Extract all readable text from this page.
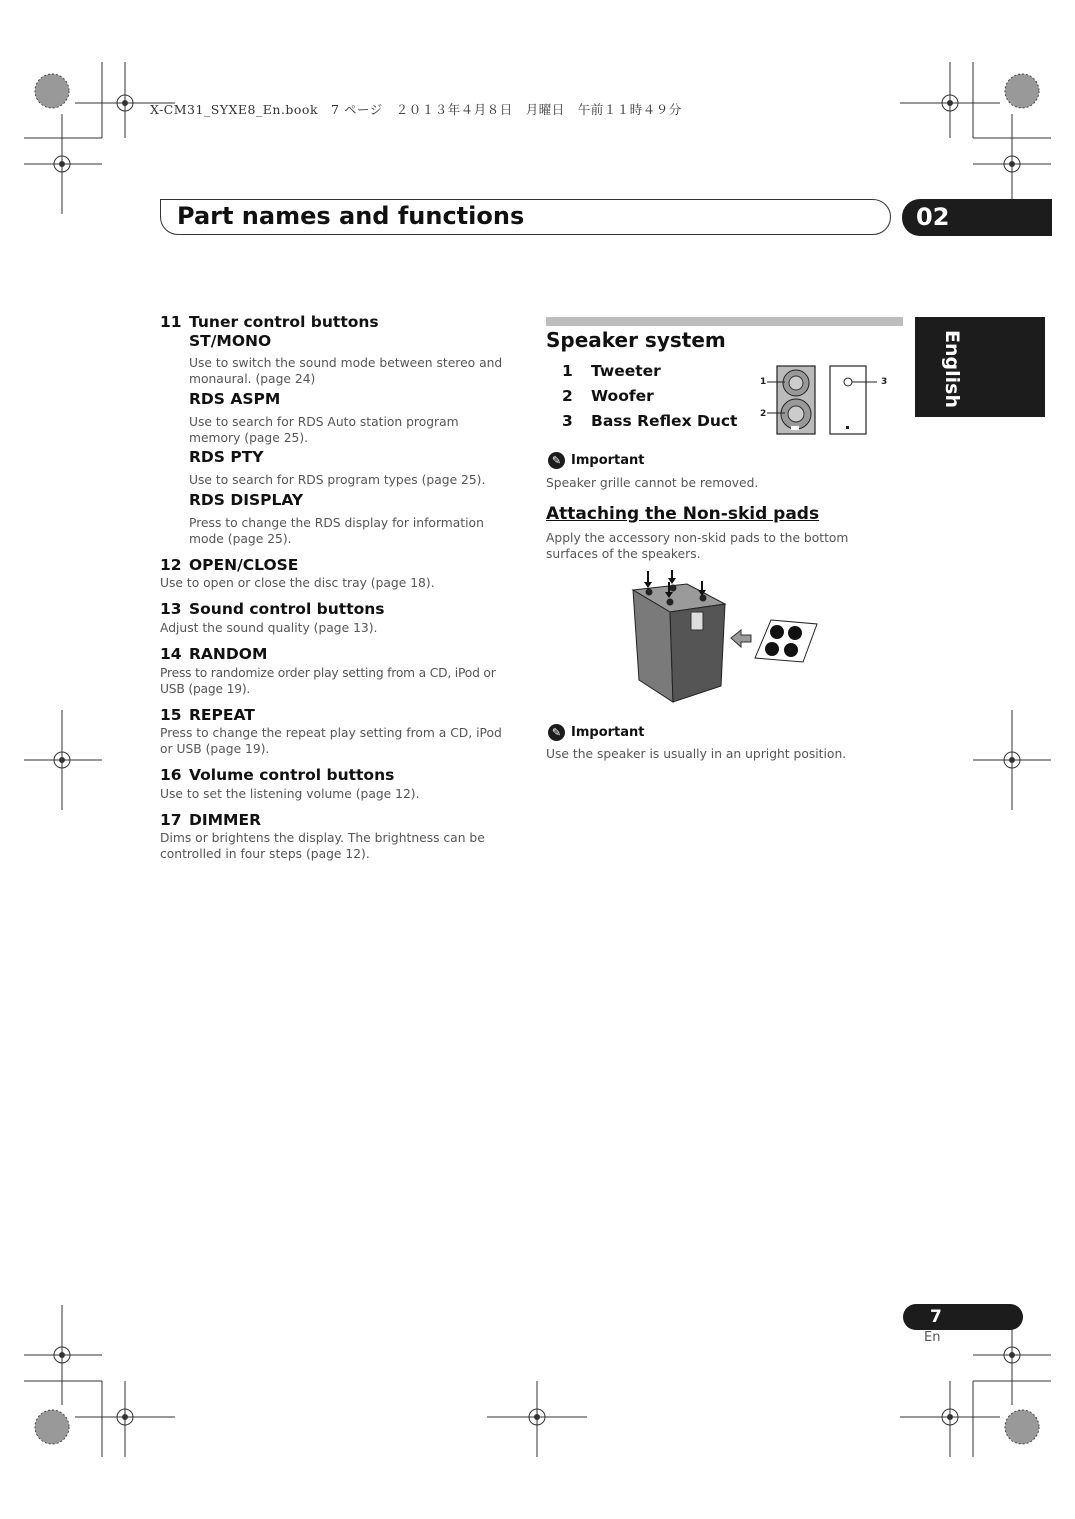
X-CM31_SYXE8_En.book　7 ページ　２０１３年４月８日　月曜日　午前１１時４９分
Part names and functions	02
English
11 Tuner control buttons
ST/MONO
Use to switch the sound mode between stereo and monaural. (page 24)
RDS ASPM
Use to search for RDS Auto station program memory (page 25).
RDS PTY
Use to search for RDS program types (page 25).
RDS DISPLAY
Press to change the RDS display for information mode (page 25).
12 OPEN/CLOSE
Use to open or close the disc tray (page 18).
13 Sound control buttons
Adjust the sound quality (page 13).
14 RANDOM
Press to randomize order play setting from a CD, iPod or USB (page 19).
15 REPEAT
Press to change the repeat play setting from a CD, iPod or USB (page 19).
16 Volume control buttons
Use to set the listening volume (page 12).
17 DIMMER
Dims or brightens the display. The brightness can be controlled in four steps (page 12).
Speaker system
1 Tweeter
2 Woofer
3 Bass Reflex Duct
1
2
3
✎ Important
Speaker grille cannot be removed.
Attaching the Non-skid pads
Apply the accessory non-skid pads to the bottom surfaces of the speakers.
✎ Important
Use the speaker is usually in an upright position.
7
En
